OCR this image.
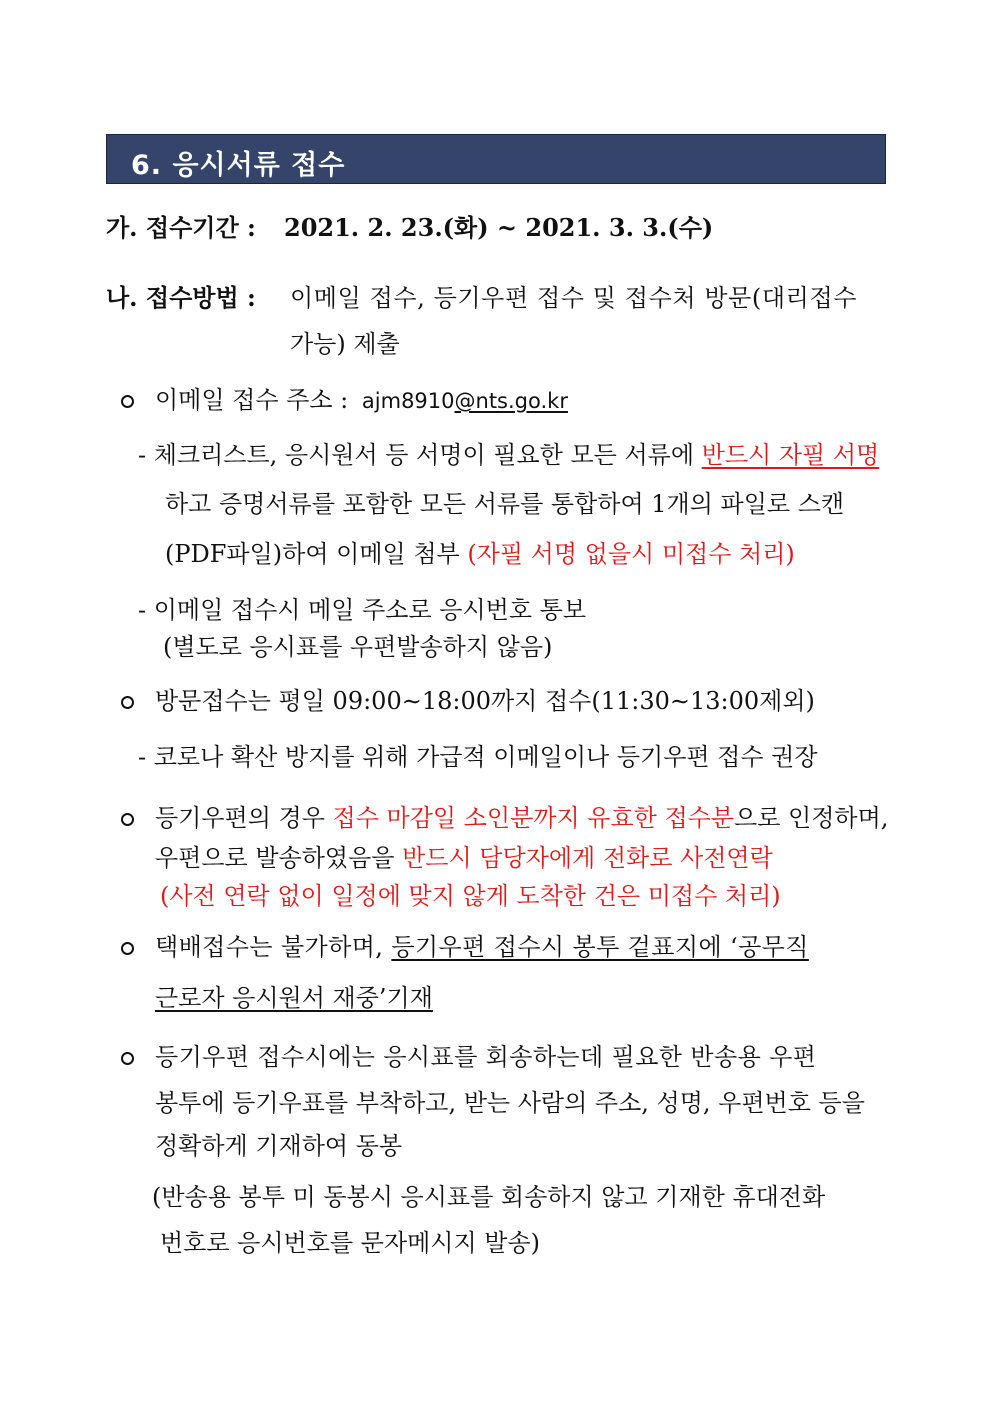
6. 응시서류 접수
가. 접수기간 : 2021. 2. 23.(화) ~ 2021. 3. 3.(수)
나. 접수방법 : 이메일 접수, 등기우편 접수 및 접수처 방문(대리접수
가능) 제출
이메일 접수 주소 : ajm8910@nts.go.kr
- 체크리스트, 응시원서 등 서명이 필요한 모든 서류에 반드시 자필 서명
하고 증명서류를 포함한 모든 서류를 통합하여 1개의 파일로 스캔
(PDF파일)하여 이메일 첨부 (자필 서명 없을시 미접수 처리)
- 이메일 접수시 메일 주소로 응시번호 통보
(별도로 응시표를 우편발송하지 않음)
방문접수는 평일 09:00∼18:00까지 접수(11:30∼13:00제외)
- 코로나 확산 방지를 위해 가급적 이메일이나 등기우편 접수 권장
등기우편의 경우 접수 마감일 소인분까지 유효한 접수분으로 인정하며,
우편으로 발송하였음을 반드시 담당자에게 전화로 사전연락
(사전 연락 없이 일정에 맞지 않게 도착한 건은 미접수 처리)
택배접수는 불가하며, 등기우편 접수시 봉투 겉표지에 ‘공무직
근로자 응시원서 재중’기재
등기우편 접수시에는 응시표를 회송하는데 필요한 반송용 우편
봉투에 등기우표를 부착하고, 받는 사람의 주소, 성명, 우편번호 등을
정확하게 기재하여 동봉
(반송용 봉투 미 동봉시 응시표를 회송하지 않고 기재한 휴대전화
번호로 응시번호를 문자메시지 발송)
